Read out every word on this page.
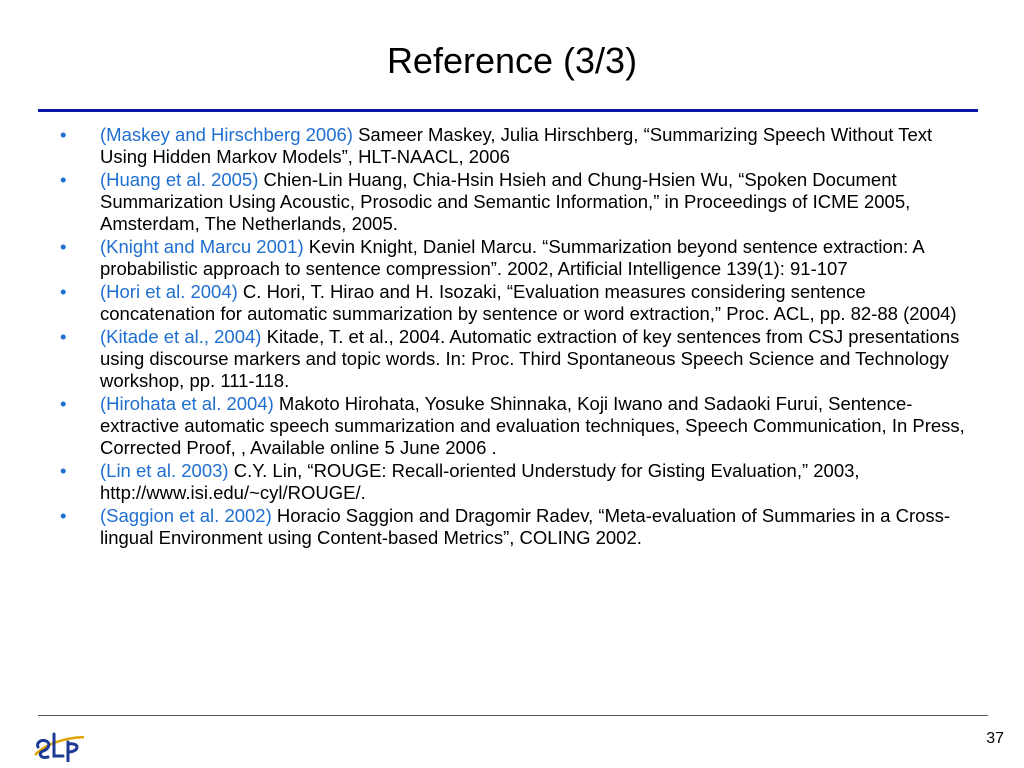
Reference (3/3)
•	(Maskey and Hirschberg 2006) Sameer Maskey, Julia Hirschberg, “Summarizing Speech Without Text Using Hidden Markov Models”, HLT-NAACL, 2006
•	(Huang et al. 2005) Chien-Lin Huang, Chia-Hsin Hsieh and Chung-Hsien Wu, “Spoken Document Summarization Using Acoustic, Prosodic and Semantic Information,” in Proceedings of ICME 2005, Amsterdam, The Netherlands, 2005.
•	(Knight and Marcu 2001) Kevin Knight, Daniel Marcu. “Summarization beyond sentence extraction: A probabilistic approach to sentence compression”. 2002, Artificial Intelligence 139(1): 91-107
•	(Hori et al. 2004) C. Hori, T. Hirao and H. Isozaki, “Evaluation measures considering sentence concatenation for automatic summarization by sentence or word extraction,” Proc. ACL, pp. 82-88 (2004)
•	(Kitade et al., 2004) Kitade, T. et al., 2004. Automatic extraction of key sentences from CSJ presentations using discourse markers and topic words. In: Proc. Third Spontaneous Speech Science and Technology workshop, pp. 111-118.
•	(Hirohata et al. 2004) Makoto Hirohata, Yosuke Shinnaka, Koji Iwano and Sadaoki Furui, Sentence-extractive automatic speech summarization and evaluation techniques, Speech Communication, In Press, Corrected Proof, , Available online 5 June 2006 .
•	(Lin et al. 2003) C.Y. Lin, “ROUGE: Recall-oriented Understudy for Gisting Evaluation,” 2003, http://www.isi.edu/~cyl/ROUGE/.
•	(Saggion et al. 2002) Horacio Saggion and Dragomir Radev, “Meta-evaluation of Summaries in a Cross-lingual Environment using Content-based Metrics”, COLING 2002.
37
